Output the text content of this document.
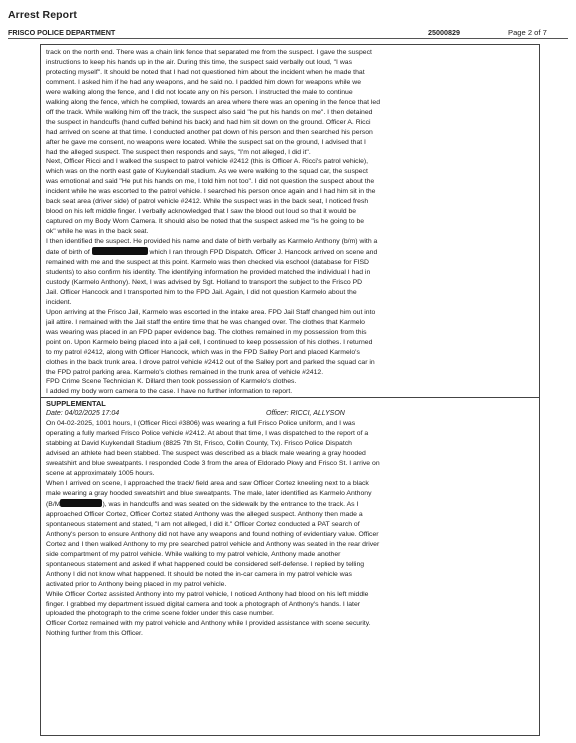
Arrest Report
FRISCO POLICE DEPARTMENT	25000829	Page 2 of 7
track on the north end. There was a chain link fence that separated me from the suspect. I gave the suspect
instructions to keep his hands up in the air. During this time, the suspect said verbally out loud, "I was
protecting myself". It should be noted that I had not questioned him about the incident when he made that
comment. I asked him if he had any weapons, and he said no. I padded him down for weapons while we
were walking along the fence, and I did not locate any on his person. I instructed the male to continue
walking along the fence, which he complied, towards an area where there was an opening in the fence that led
off the track. While walking him off the track, the suspect also said "he put his hands on me". I then detained
the suspect in handcuffs (hand cuffed behind his back) and had him sit down on the ground. Officer A. Ricci
had arrived on scene at that time. I conducted another pat down of his person and then searched his person
after he gave me consent, no weapons were located. While the suspect sat on the ground, I advised that I
had the alleged suspect. The suspect then responds and says, "I'm not alleged, I did it".
Next, Officer Ricci and I walked the suspect to patrol vehicle #2412 (this is Officer A. Ricci's patrol vehicle),
which was on the north east gate of Kuykendall stadium. As we were walking to the squad car, the suspect
was emotional and said "He put his hands on me, I told him not too". I did not question the suspect about the
incident while he was escorted to the patrol vehicle. I searched his person once again and I had him sit in the
back seat area (driver side) of patrol vehicle #2412. While the suspect was in the back seat, I noticed fresh
blood on his left middle finger. I verbally acknowledged that I saw the blood out loud so that it would be
captured on my Body Worn Camera. It should also be noted that the suspect asked me "is he going to be
ok" while he was in the back seat.
I then identified the suspect. He provided his name and date of birth verbally as Karmelo Anthony (b/m) with a
date of birth of	which I ran through FPD Dispatch. Officer J. Hancock arrived on scene and
remained with me and the suspect at this point. Karmelo was then checked via eschool (database for FISD
students) to also confirm his identity. The identifying information he provided matched the individual I had in
custody (Karmelo Anthony). Next, I was advised by Sgt. Holland to transport the subject to the Frisco PD
Jail. Officer Hancock and I transported him to the FPD Jail. Again, I did not question Karmelo about the
incident.
Upon arriving at the Frisco Jail, Karmelo was escorted in the intake area. FPD Jail Staff changed him out into
jail attire. I remained with the Jail staff the entire time that he was changed over. The clothes that Karmelo
was wearing was placed in an FPD paper evidence bag. The clothes remained in my possession from this
point on. Upon Karmelo being placed into a jail cell, I continued to keep possession of his clothes. I returned
to my patrol #2412, along with Officer Hancock, which was in the FPD Salley Port and placed Karmelo's
clothes in the back trunk area. I drove patrol vehicle #2412 out of the Salley port and parked the squad car in
the FPD patrol parking area. Karmelo's clothes remained in the trunk area of vehicle #2412.
FPD Crime Scene Technician K. Dillard then took possession of Karmelo's clothes.
I added my body worn camera to the case. I have no further information to report.
SUPPLEMENTAL
Date: 04/02/2025 17:04	Officer: RICCI, ALLYSON
On 04-02-2025, 1001 hours, I (Officer Ricci #3806) was wearing a full Frisco Police uniform, and I was
operating a fully marked Frisco Police vehicle #2412. At about that time, I was dispatched to the report of a
stabbing at David Kuykendall Stadium (8825 7th St, Frisco, Collin County, Tx). Frisco Police Dispatch
advised an athlete had been stabbed. The suspect was described as a black male wearing a gray hooded
sweatshirt and blue sweatpants. I responded Code 3 from the area of Eldorado Pkwy and Frisco St. I arrive on
scene at approximately 1005 hours.
When I arrived on scene, I approached the track/ field area and saw Officer Cortez kneeling next to a black
male wearing a gray hooded sweatshirt and blue sweatpants. The male, later identified as Karmelo Anthony
(B/M	), was in handcuffs and was seated on the sidewalk by the entrance to the track. As I
approached Officer Cortez, Officer Cortez stated Anthony was the alleged suspect. Anthony then made a
spontaneous statement and stated, "I am not alleged, I did it." Officer Cortez conducted a PAT search of
Anthony's person to ensure Anthony did not have any weapons and found nothing of evidentiary value. Officer
Cortez and I then walked Anthony to my pre searched patrol vehicle and Anthony was seated in the rear driver
side compartment of my patrol vehicle. While walking to my patrol vehicle, Anthony made another
spontaneous statement and asked if what happened could be considered self-defense. I replied by telling
Anthony I did not know what happened. It should be noted the in-car camera in my patrol vehicle was
activated prior to Anthony being placed in my patrol vehicle.
While Officer Cortez assisted Anthony into my patrol vehicle, I noticed Anthony had blood on his left middle
finger. I grabbed my department issued digital camera and took a photograph of Anthony's hands. I later
uploaded the photograph to the crime scene folder under this case number.
Officer Cortez remained with my patrol vehicle and Anthony while I provided assistance with scene security.
Nothing further from this Officer.
